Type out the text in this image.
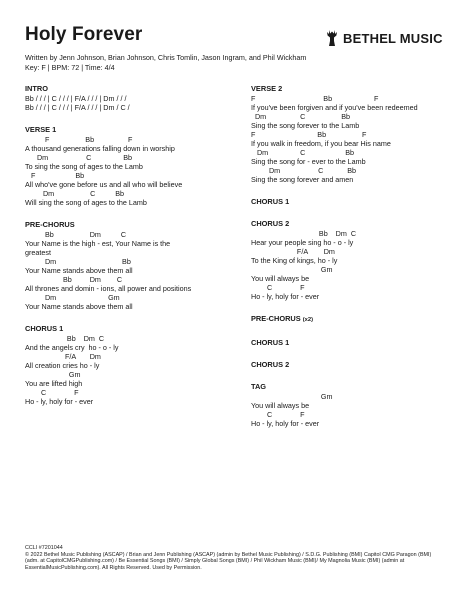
Holy Forever	BETHEL MUSIC
Written by Jenn Johnson, Brian Johnson, Chris Tomlin, Jason Ingram, and Phil Wickham
Key: F | BPM: 72 | Time: 4/4
INTRO
Bb / / / | C / / / | F/A / / / | Dm / / /
Bb / / / | C / / / | F/A / / / | Dm / C /
VERSE 1
F                  Bb                 F
A thousand generations falling down in worship
Dm                   C                Bb
To sing the song of ages to the Lamb
F                    Bb
All who've gone before us and all who will believe
Dm                  C          Bb
Will sing the song of ages to the Lamb
PRE-CHORUS
Bb                  Dm          C
Your Name is the high - est, Your Name is the
greatest
Dm                                 Bb
Your Name stands above them all
Bb         Dm        C
All thrones and domin - ions, all power and positions
Dm                          Gm
Your Name stands above them all
CHORUS 1
Bb    Dm  C
And the angels cry  ho - o - ly
F/A       Dm
All creation cries ho - ly
Gm
You are lifted high
C              F
Ho - ly, holy for - ever
VERSE 2
F                                  Bb                     F
If you've been forgiven and if you've been redeemed
Dm                 C                  Bb
Sing the song forever to the Lamb
F                               Bb                  F
If you walk in freedom, if you bear His name
Dm                C                    Bb
Sing the song for - ever to the Lamb
Dm                   C            Bb
Sing the song forever and amen
CHORUS 1
CHORUS 2
Bb    Dm  C
Hear your people sing ho - o - ly
F/A        Dm
To the King of kings, ho - ly
Gm
You will always be
C              F
Ho - ly, holy for - ever
PRE-CHORUS (x2)
CHORUS 1
CHORUS 2
TAG
Gm
You will always be
C              F
Ho - ly, holy for - ever
CCLI #7201044
© 2022 Bethel Music Publishing (ASCAP) / Brian and Jenn Publishing (ASCAP) (admin by Bethel Music Publishing) / S.D.G. Publishing (BMI) Capitol CMG Paragon (BMI)
(adm. at CapitolCMGPublishing.com) / Be Essential Songs (BMI) / Simply Global Songs (BMI) / Phil Wickham Music (BMI)/ My Magnolia Music (BMI) (admin at
EssentialMusicPublishing.com). All Rights Reserved. Used by Permission.
